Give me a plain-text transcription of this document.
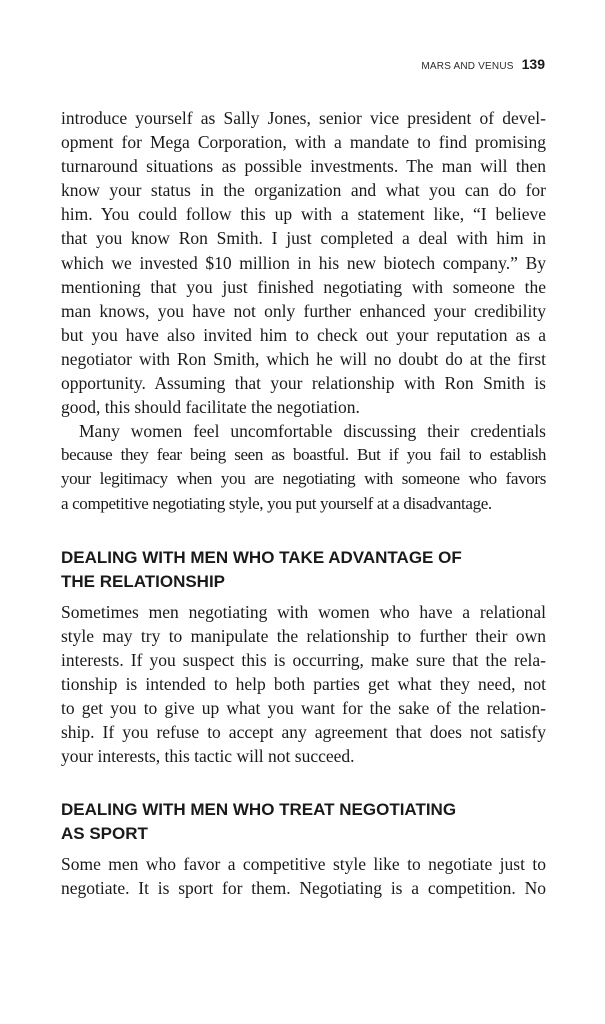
MARS AND VENUS 139
introduce yourself as Sally Jones, senior vice president of devel-
opment for Mega Corporation, with a mandate to find promising
turnaround situations as possible investments. The man will then
know your status in the organization and what you can do for
him. You could follow this up with a statement like, “I believe
that you know Ron Smith. I just completed a deal with him in
which we invested $10 million in his new biotech company.” By
mentioning that you just finished negotiating with someone the
man knows, you have not only further enhanced your credibility
but you have also invited him to check out your reputation as a
negotiator with Ron Smith, which he will no doubt do at the first
opportunity. Assuming that your relationship with Ron Smith is
good, this should facilitate the negotiation.
Many women feel uncomfortable discussing their credentials
because they fear being seen as boastful. But if you fail to establish
your legitimacy when you are negotiating with someone who favors
a competitive negotiating style, you put yourself at a disadvantage.
DEALING WITH MEN WHO TAKE ADVANTAGE OF
THE RELATIONSHIP
Sometimes men negotiating with women who have a relational
style may try to manipulate the relationship to further their own
interests. If you suspect this is occurring, make sure that the rela-
tionship is intended to help both parties get what they need, not
to get you to give up what you want for the sake of the relation-
ship. If you refuse to accept any agreement that does not satisfy
your interests, this tactic will not succeed.
DEALING WITH MEN WHO TREAT NEGOTIATING
AS SPORT
Some men who favor a competitive style like to negotiate just to
negotiate. It is sport for them. Negotiating is a competition. No
